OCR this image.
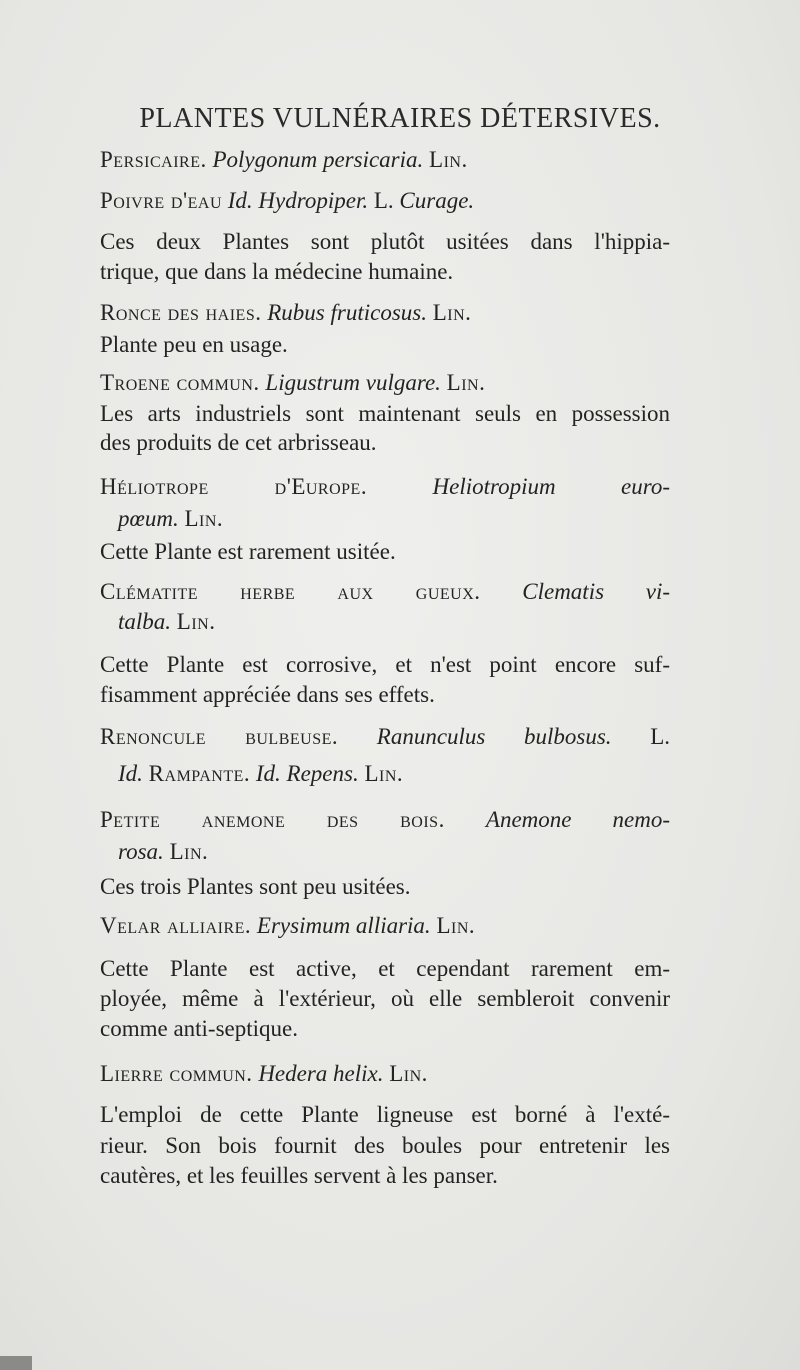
PLANTES VULNÉRAIRES DÉTERSIVES.
Persicaire. Polygonum persicaria. Lin.
Poivre d'eau Id. Hydropiper. L. Curage.
Ces deux Plantes sont plutôt usitées dans l'hippia-
trique, que dans la médecine humaine.
Ronce des haies. Rubus fruticosus. Lin.
Plante peu en usage.
Troene commun. Ligustrum vulgare. Lin.
Les arts industriels sont maintenant seuls en possession
des produits de cet arbrisseau.
Héliotrope d'Europe.	Heliotropium euro-
pœum. Lin.
Cette Plante est rarement usitée.
Clématite herbe aux gueux. Clematis vi-
talba. Lin.
Cette Plante est corrosive, et n'est point encore suf-
fisamment appréciée dans ses effets.
Renoncule bulbeuse. Ranunculus bulbosus. L.
Id. Rampante. Id. Repens. Lin.
Petite anemone des bois. Anemone nemo-
rosa. Lin.
Ces trois Plantes sont peu usitées.
Velar alliaire. Erysimum alliaria. Lin.
Cette Plante est active, et cependant rarement em-
ployée, même à l'extérieur, où elle sembleroit convenir
comme anti-septique.
Lierre commun. Hedera helix. Lin.
L'emploi de cette Plante ligneuse est borné à l'exté-
rieur. Son bois fournit des boules pour entretenir les
cautères, et les feuilles servent à les panser.
